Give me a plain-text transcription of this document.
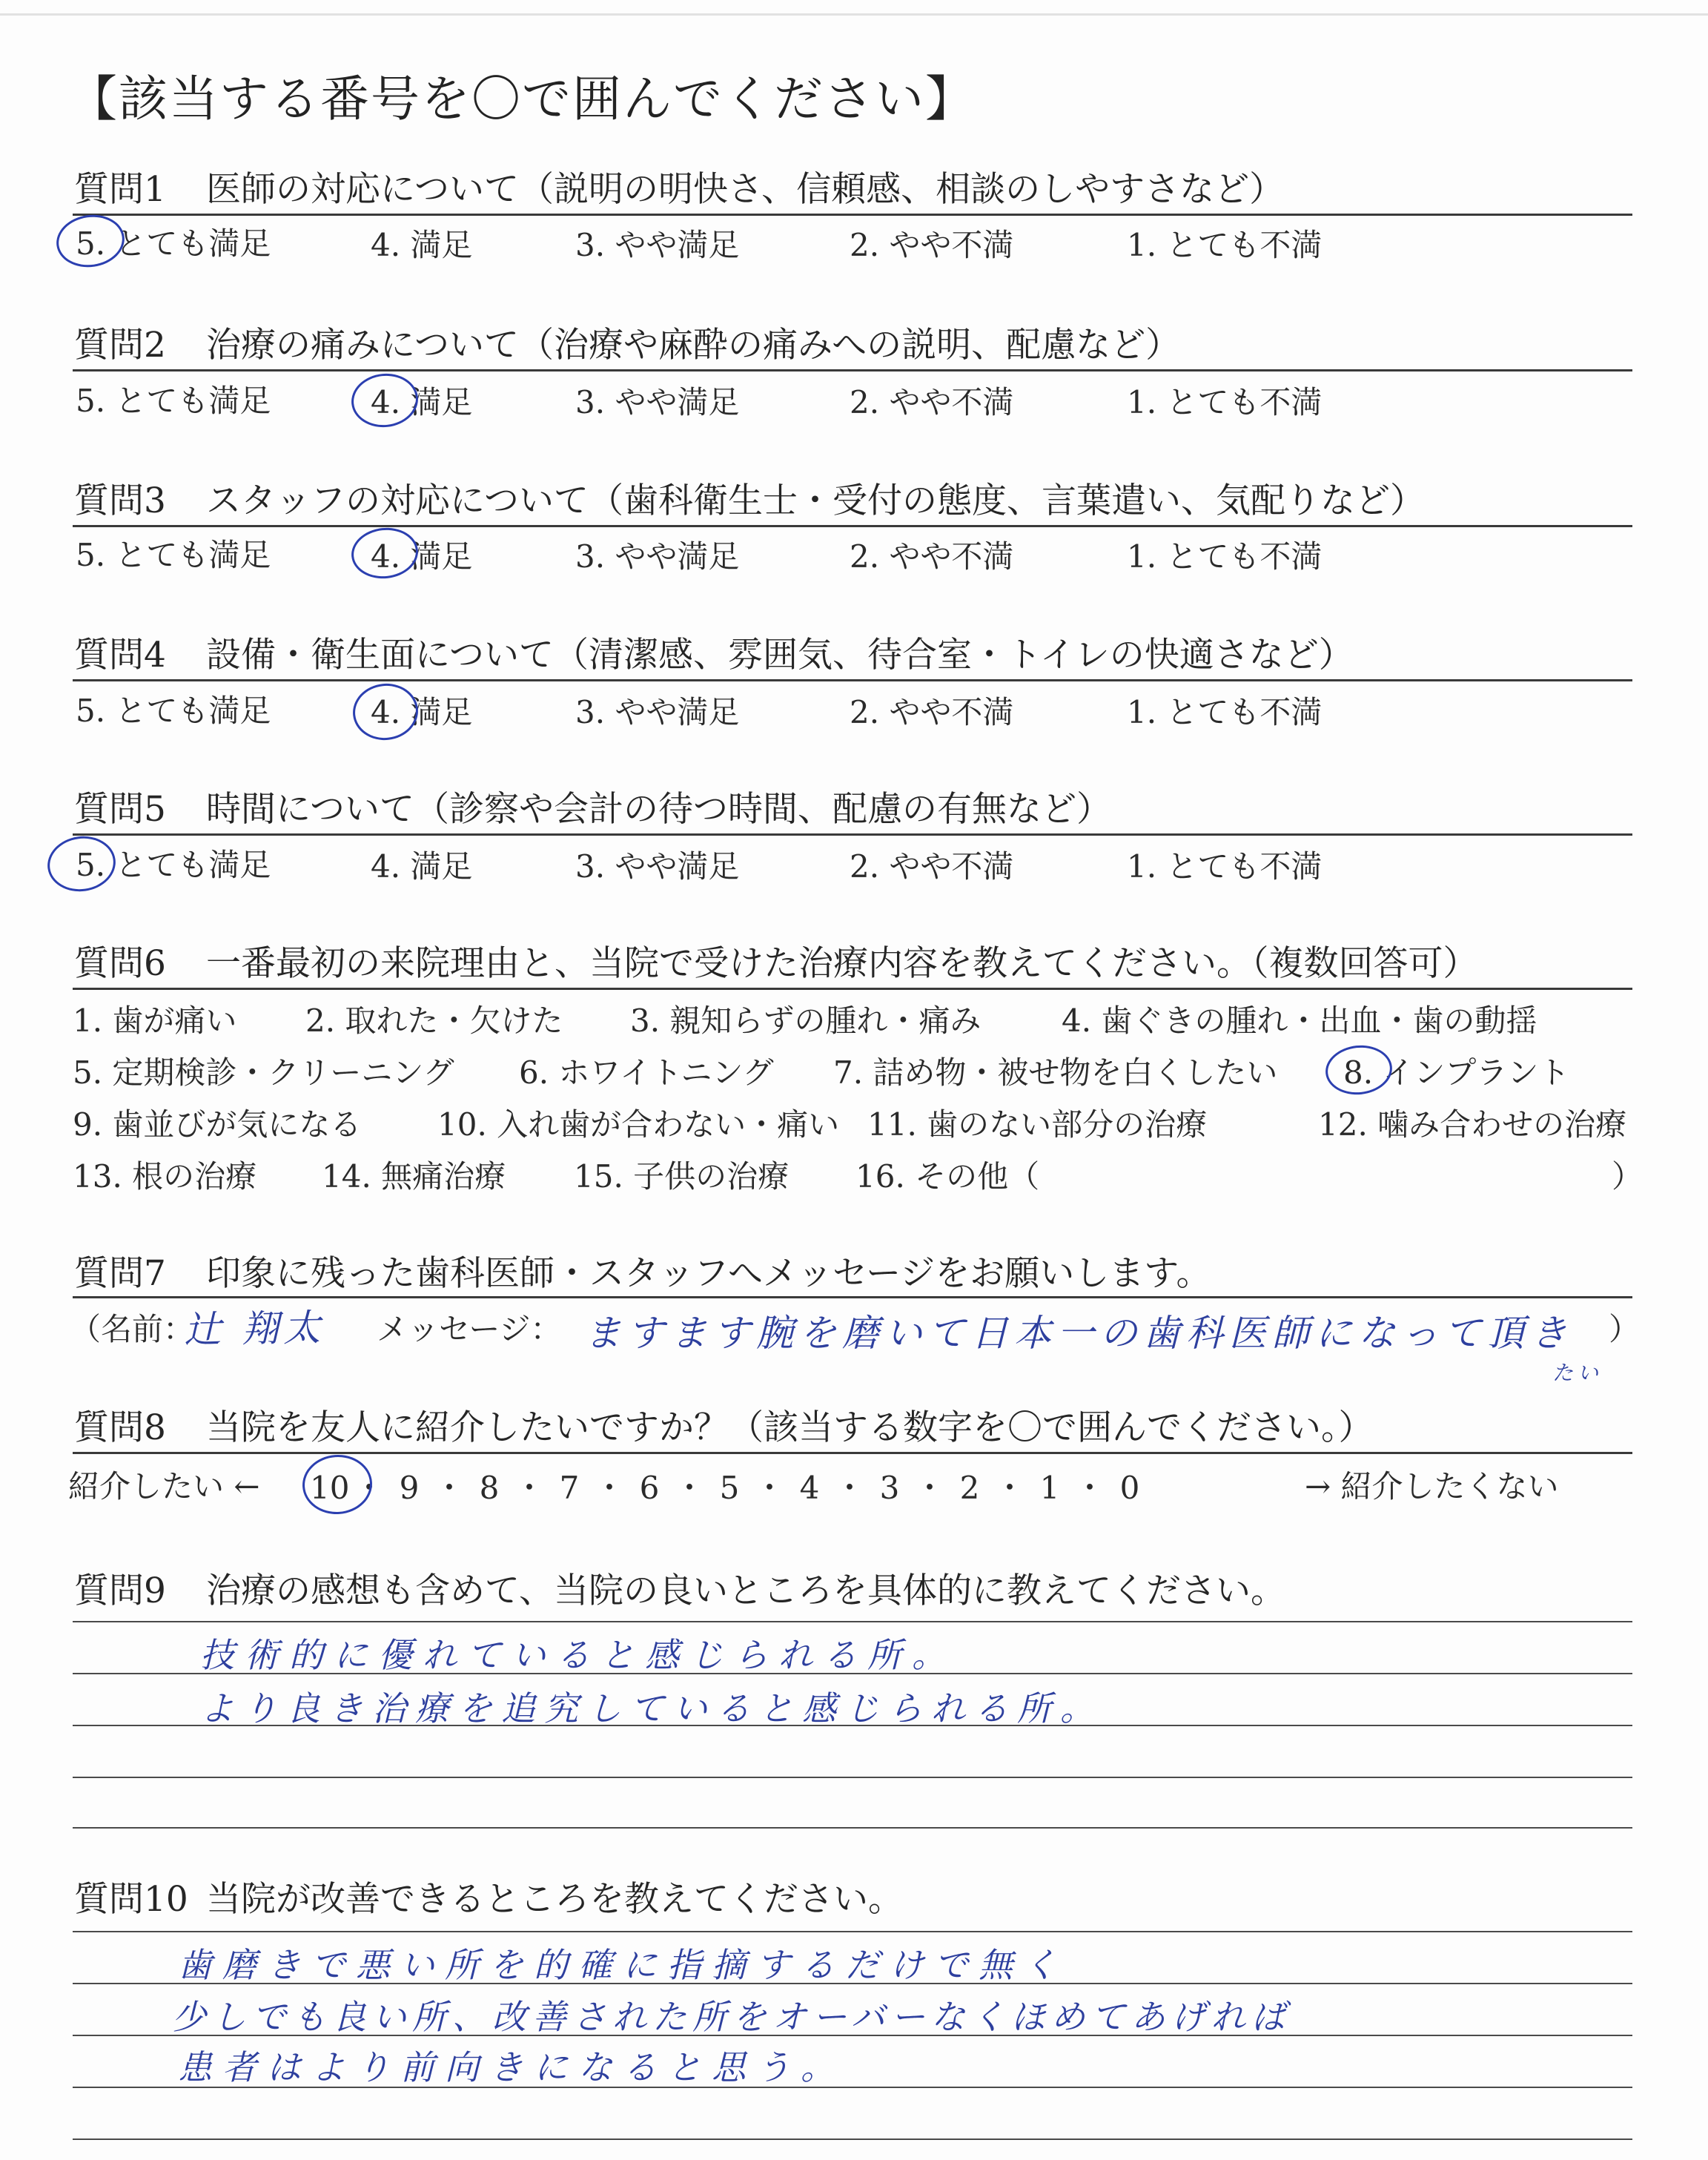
【該当する番号を〇で囲んでください】
質問1 医師の対応について（説明の明快さ、信頼感、相談のしやすさなど）
5. とても満足	4. 満足	3. やや満足	2. やや不満	1. とても不満
質問2 治療の痛みについて（治療や麻酔の痛みへの説明、配慮など）
5. とても満足	4. 満足	3. やや満足	2. やや不満	1. とても不満
質問3 スタッフの対応について（歯科衛生士・受付の態度、言葉遣い、気配りなど）
5. とても満足	4. 満足	3. やや満足	2. やや不満	1. とても不満
質問4 設備・衛生面について（清潔感、雰囲気、待合室・トイレの快適さなど）
5. とても満足	4. 満足	3. やや満足	2. やや不満	1. とても不満
質問5 時間について（診察や会計の待つ時間、配慮の有無など）
5. とても満足	4. 満足	3. やや満足	2. やや不満	1. とても不満
質問6 一番最初の来院理由と、当院で受けた治療内容を教えてください。（複数回答可）
1. 歯が痛い 2. 取れた・欠けた 3. 親知らずの腫れ・痛み	4. 歯ぐきの腫れ・出血・歯の動揺
5. 定期検診・クリーニング 6. ホワイトニング 7. 詰め物・被せ物を白くしたい 8. インプラント
9. 歯並びが気になる 10. 入れ歯が合わない・痛い 11. 歯のない部分の治療	12. 噛み合わせの治療
13. 根の治療 14. 無痛治療 15. 子供の治療 16. その他（	）
質問7 印象に残った歯科医師・スタッフへメッセージをお願いします。
（名前：
辻 翔太 メッセージ： ますます腕を磨いて日本一の歯科医師になって頂き ）
たい
質問8 当院を友人に紹介したいですか？（該当する数字を〇で囲んでください。）
紹介したい ← 10 ・ 9 ・ 8 ・ 7 ・ 6 ・ 5 ・ 4 ・ 3 ・ 2 ・ 1 ・ 0	→ 紹介したくない
質問9 治療の感想も含めて、当院の良いところを具体的に教えてください。
技術的に優れていると感じられる所。
より良き治療を追究していると感じられる所。
質問10 当院が改善できるところを教えてください。
歯磨きで悪い所を的確に指摘するだけで無く
少しでも良い所、改善された所をオーバーなくほめてあげれば
患者はより前向きになると思う。
